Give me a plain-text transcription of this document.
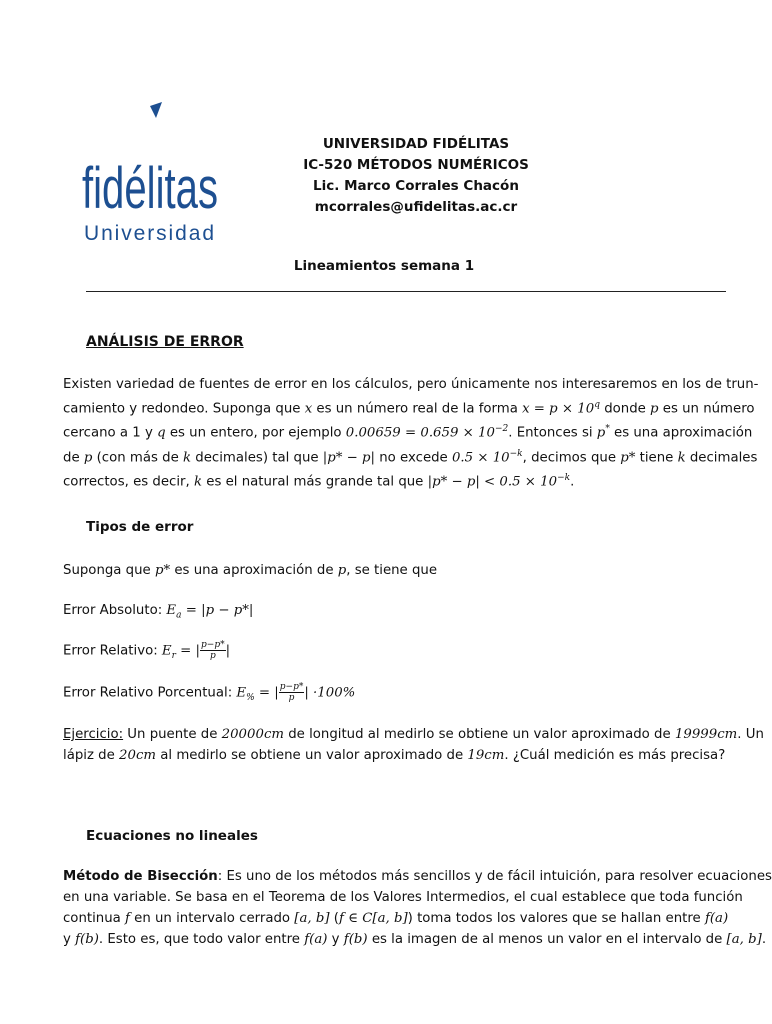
fidélitas
Universidad
UNIVERSIDAD FIDÉLITAS
IC-520 MÉTODOS NUMÉRICOS
Lic. Marco Corrales Chacón
mcorrales@ufidelitas.ac.cr
Lineamientos semana 1
ANÁLISIS DE ERROR
Existen variedad de fuentes de error en los cálculos, pero únicamente nos interesaremos en los de trun-
camiento y redondeo. Suponga que x es un número real de la forma $x = p \times 10^q$ donde p es un número
cercano a 1 y q es un entero, por ejemplo $0.00659 = 0.659 \times 10^{-2}$. Entonces si p* es una aproximación
de p (con más de k decimales) tal que |p* − p| no excede $0.5 \times 10^{-k}$, decimos que p* tiene k decimales
correctos, es decir, k es el natural más grande tal que $|p* - p| < 0.5 \times 10^{-k}$.
Tipos de error
Suponga que p* es una aproximación de p, se tiene que
Error Absoluto: $E_a = |p - p*|$
Error Relativo: $E_r$ = | $\frac{p-p*}{p}$ |
Error Relativo Porcentual: $E_{\%}$ = | $\frac{p-p*}{p}$ | ·100%
Ejercicio: Un puente de 20000cm de longitud al medirlo se obtiene un valor aproximado de 19999cm. Un
lápiz de 20cm al medirlo se obtiene un valor aproximado de 19cm. ¿Cuál medición es más precisa?
Ecuaciones no lineales
Método de Bisección: Es uno de los métodos más sencillos y de fácil intuición, para resolver ecuaciones
en una variable. Se basa en el Teorema de los Valores Intermedios, el cual establece que toda función
continua f en un intervalo cerrado [a, b] (f ∈ C[a, b]) toma todos los valores que se hallan entre f(a)
y f(b). Esto es, que todo valor entre f(a) y f(b) es la imagen de al menos un valor en el intervalo de [a, b].
